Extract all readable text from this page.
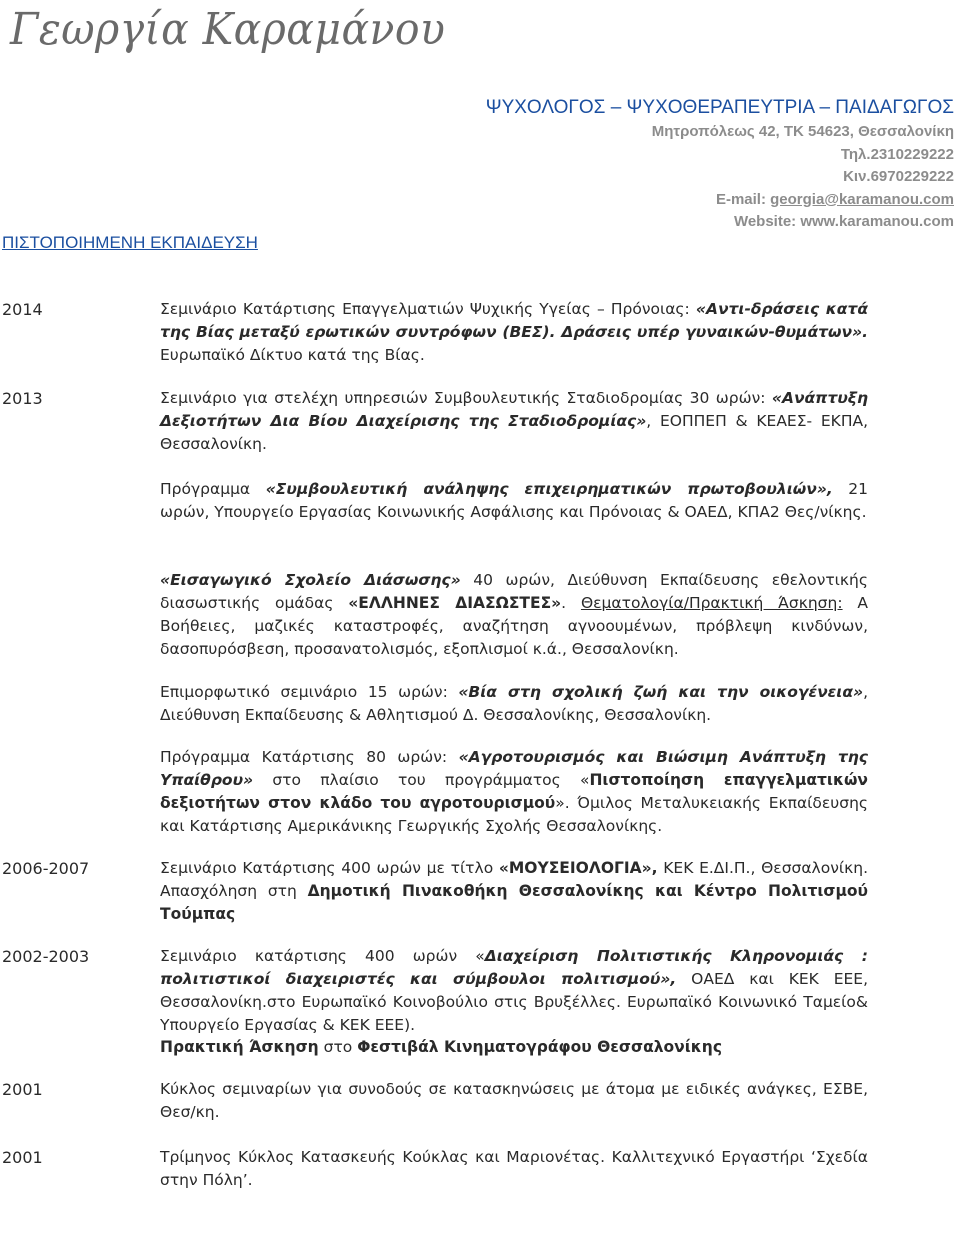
Γεωργία Καραμάνου
ΨΥΧΟΛΟΓΟΣ – ΨΥΧΟΘΕΡΑΠΕΥΤΡΙΑ – ΠΑΙΔΑΓΩΓΟΣ
Μητροπόλεως 42, ΤΚ 54623, Θεσσαλονίκη
Τηλ.2310229222
Κιν.6970229222
E-mail: georgia@karamanou.com
Website: www.karamanou.com
ΠΙΣΤΟΠΟΙΗΜΕΝΗ ΕΚΠΑΙΔΕΥΣΗ
2014	Σεμινάριο Κατάρτισης Επαγγελματιών Ψυχικής Υγείας – Πρόνοιας: «Αντι-δράσεις κατά της Βίας μεταξύ ερωτικών συντρόφων (ΒΕΣ). Δράσεις υπέρ γυναικών-θυμάτων». Ευρωπαϊκό Δίκτυο κατά της Βίας.
2013	Σεμινάριο για στελέχη υπηρεσιών Συμβουλευτικής Σταδιοδρομίας 30 ωρών: «Ανάπτυξη Δεξιοτήτων Δια Βίου Διαχείρισης της Σταδιοδρομίας», ΕΟΠΠΕΠ & ΚΕΑΕΣ- ΕΚΠΑ, Θεσσαλονίκη.
Πρόγραμμα «Συμβουλευτική ανάληψης επιχειρηματικών πρωτοβουλιών», 21 ωρών, Υπουργείο Εργασίας Κοινωνικής Ασφάλισης και Πρόνοιας & ΟΑΕΔ, ΚΠΑ2 Θες/νίκης.
«Εισαγωγικό Σχολείο Διάσωσης» 40 ωρών, Διεύθυνση Εκπαίδευσης εθελοντικής διασωστικής ομάδας «ΕΛΛΗΝΕΣ ΔΙΑΣΩΣΤΕΣ». Θεματολογία/Πρακτική Άσκηση: Α Βοήθειες, μαζικές καταστροφές, αναζήτηση αγνοουμένων, πρόβλεψη κινδύνων, δασοπυρόσβεση, προσανατολισμός, εξοπλισμοί κ.ά., Θεσσαλονίκη.
Επιμορφωτικό σεμινάριο 15 ωρών: «Βία στη σχολική ζωή και την οικογένεια», Διεύθυνση Εκπαίδευσης & Αθλητισμού Δ. Θεσσαλονίκης, Θεσσαλονίκη.
Πρόγραμμα Κατάρτισης 80 ωρών: «Αγροτουρισμός και Βιώσιμη Ανάπτυξη της Υπαίθρου» στο πλαίσιο του προγράμματος «Πιστοποίηση επαγγελματικών δεξιοτήτων στον κλάδο του αγροτουρισμού». Όμιλος Μεταλυκειακής Εκπαίδευσης και Κατάρτισης Αμερικάνικης Γεωργικής Σχολής Θεσσαλονίκης.
2006-2007	Σεμινάριο Κατάρτισης 400 ωρών με τίτλο «ΜΟΥΣΕΙΟΛΟΓΙΑ», ΚΕΚ Ε.ΔΙ.Π., Θεσσαλονίκη. Απασχόληση στη Δημοτική Πινακοθήκη Θεσσαλονίκης και Κέντρο Πολιτισμού Τούμπας
2002-2003	Σεμινάριο κατάρτισης 400 ωρών «Διαχείριση Πολιτιστικής Κληρονομιάς : πολιτιστικοί διαχειριστές και σύμβουλοι πολιτισμού», ΟΑΕΔ και ΚΕΚ ΕΕΕ, Θεσσαλονίκη.στο Ευρωπαϊκό Κοινοβούλιο στις Βρυξέλλες. Ευρωπαϊκό Κοινωνικό Ταμείο& Υπουργείο Εργασίας & ΚΕΚ ΕΕΕ).
Πρακτική Άσκηση στο Φεστιβάλ Κινηματογράφου Θεσσαλονίκης
2001	Κύκλος σεμιναρίων για συνοδούς σε κατασκηνώσεις με άτομα με ειδικές ανάγκες, ΕΣΒΕ, Θεσ/κη.
2001	Τρίμηνος Κύκλος Κατασκευής Κούκλας και Μαριονέτας. Καλλιτεχνικό Εργαστήρι ‘Σχεδία στην Πόλη’.
